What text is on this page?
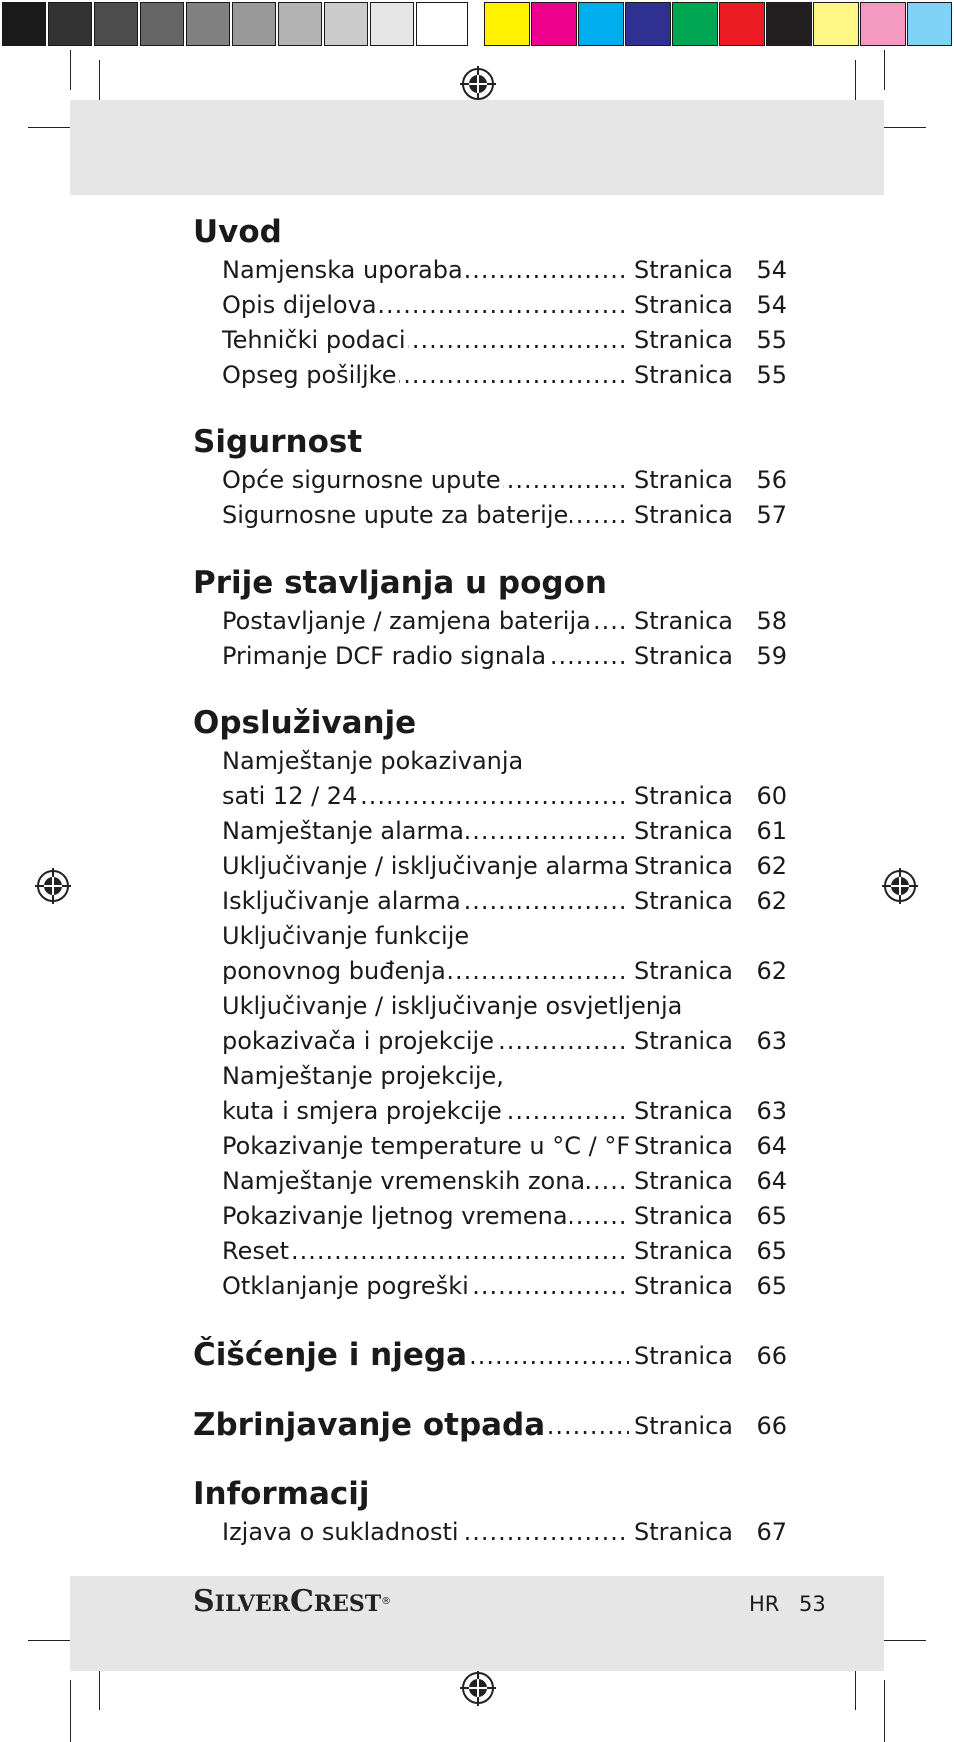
Uvod
.....
Namjenska uporaba	Stranica 54
.....
Opis dijelova	Stranica 54
.....
Tehnički podaci	Stranica 55
.....
Opseg pošiljke	Stranica 55
Sigurnost
.....
Opće sigurnosne upute	Stranica 56
.....
Sigurnosne upute za baterije	Stranica 57
Prije stavljanja u pogon
.....
Postavljanje / zamjena baterija Stranica 58
.....
Primanje DCF radio signala	Stranica 59
Opsluživanje
Namještanje pokazivanja
.....
sati 12 / 24	Stranica 60
.....
Namještanje alarma	Stranica 61
.....
Uključivanje / isključivanje alarma Stranica 62
.....
Isključivanje alarma	Stranica 62
Uključivanje funkcije
.....
ponovnog buđenja	Stranica 62
Uključivanje / isključivanje osvjetljenja
.....
pokazivača i projekcije	Stranica 63
Namještanje projekcije,
.....
kuta i smjera projekcije	Stranica 63
.....
Pokazivanje temperature u °C / °F Stranica 64
.....
Namještanje vremenskih zona Stranica 64
.....
Pokazivanje ljetnog vremena	Stranica 65
.....
Reset	Stranica 65
.....
Otklanjanje pogreški	Stranica 65
.....
Čišćenje i njega	Stranica 66
.....
Zbrinjavanje otpada	Stranica 66
Informacij
.....
Izjava o sukladnosti	Stranica 67
SILVERCREST®	HR 53
